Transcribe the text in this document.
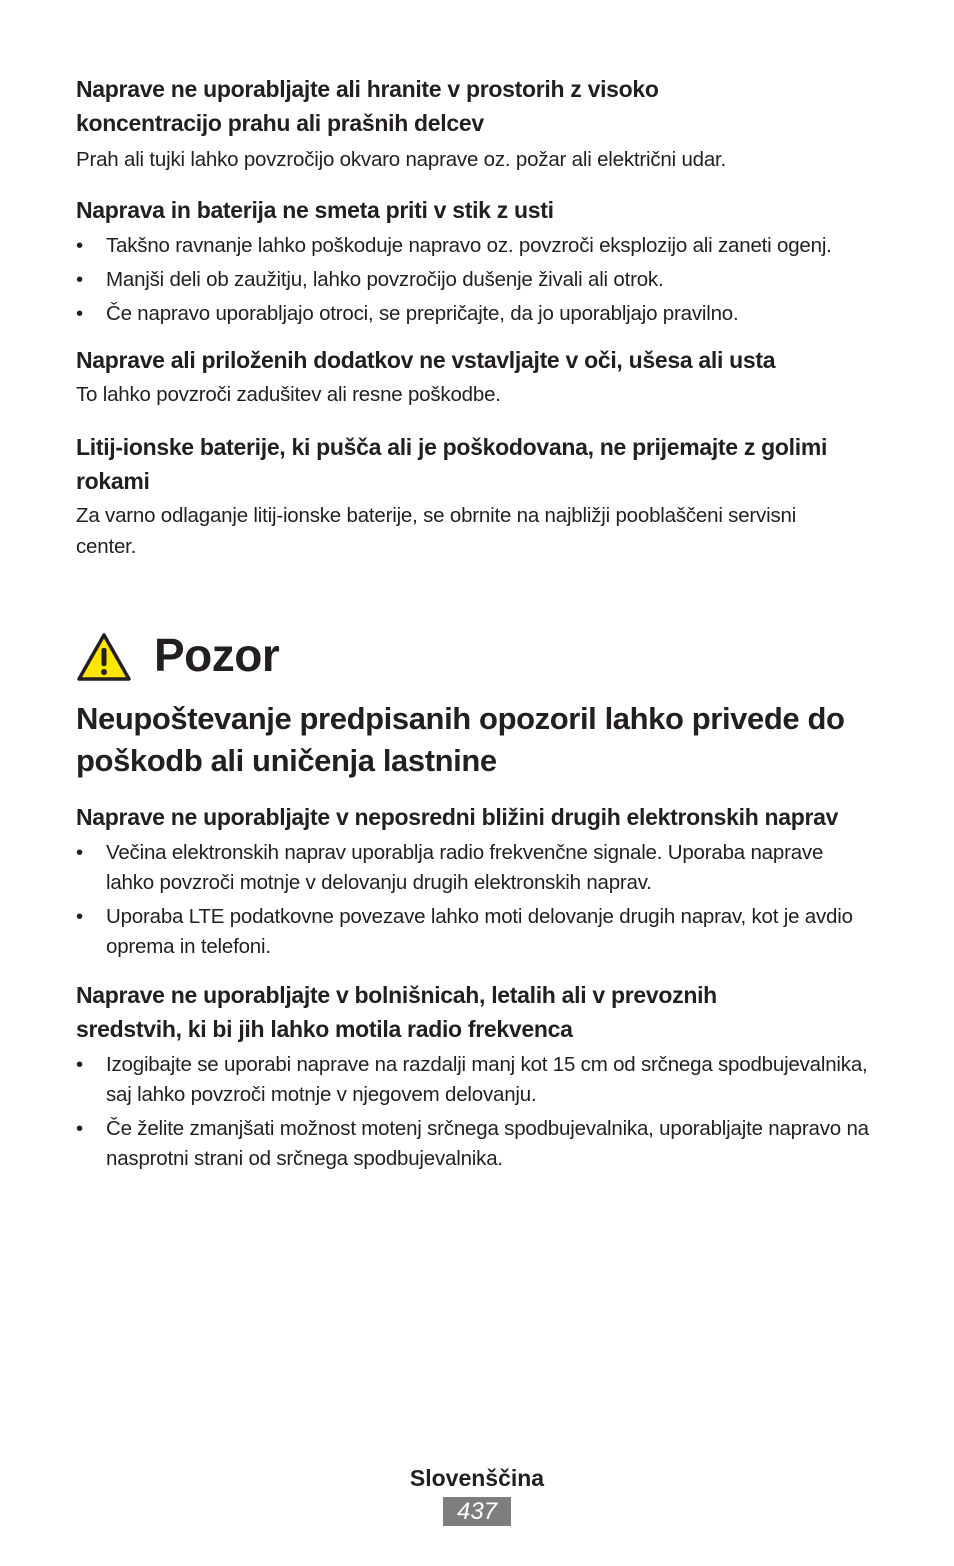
Naprave ne uporabljajte ali hranite v prostorih z visoko koncentracijo prahu ali prašnih delcev

Prah ali tujki lahko povzročijo okvaro naprave oz. požar ali električni udar.

Naprava in baterija ne smeta priti v stik z usti

•	Takšno ravnanje lahko poškoduje napravo oz. povzroči eksplozijo ali zaneti ogenj.
•	Manjši deli ob zaužitju, lahko povzročijo dušenje živali ali otrok.
•	Če napravo uporabljajo otroci, se prepričajte, da jo uporabljajo pravilno.

Naprave ali priloženih dodatkov ne vstavljajte v oči, ušesa ali usta

To lahko povzroči zadušitev ali resne poškodbe.

Litij-ionske baterije, ki pušča ali je poškodovana, ne prijemajte z golimi rokami

Za varno odlaganje litij-ionske baterije, se obrnite na najbližji pooblaščeni servisni center.

Pozor

Neupoštevanje predpisanih opozoril lahko privede do poškodb ali uničenja lastnine

Naprave ne uporabljajte v neposredni bližini drugih elektronskih naprav

•	Večina elektronskih naprav uporablja radio frekvenčne signale. Uporaba naprave lahko povzroči motnje v delovanju drugih elektronskih naprav.
•	Uporaba LTE podatkovne povezave lahko moti delovanje drugih naprav, kot je avdio oprema in telefoni.

Naprave ne uporabljajte v bolnišnicah, letalih ali v prevoznih sredstvih, ki bi jih lahko motila radio frekvenca

•	Izogibajte se uporabi naprave na razdalji manj kot 15 cm od srčnega spodbujevalnika, saj lahko povzroči motnje v njegovem delovanju.
•	Če želite zmanjšati možnost motenj srčnega spodbujevalnika, uporabljajte napravo na nasprotni strani od srčnega spodbujevalnika.
Slovenščina
437
